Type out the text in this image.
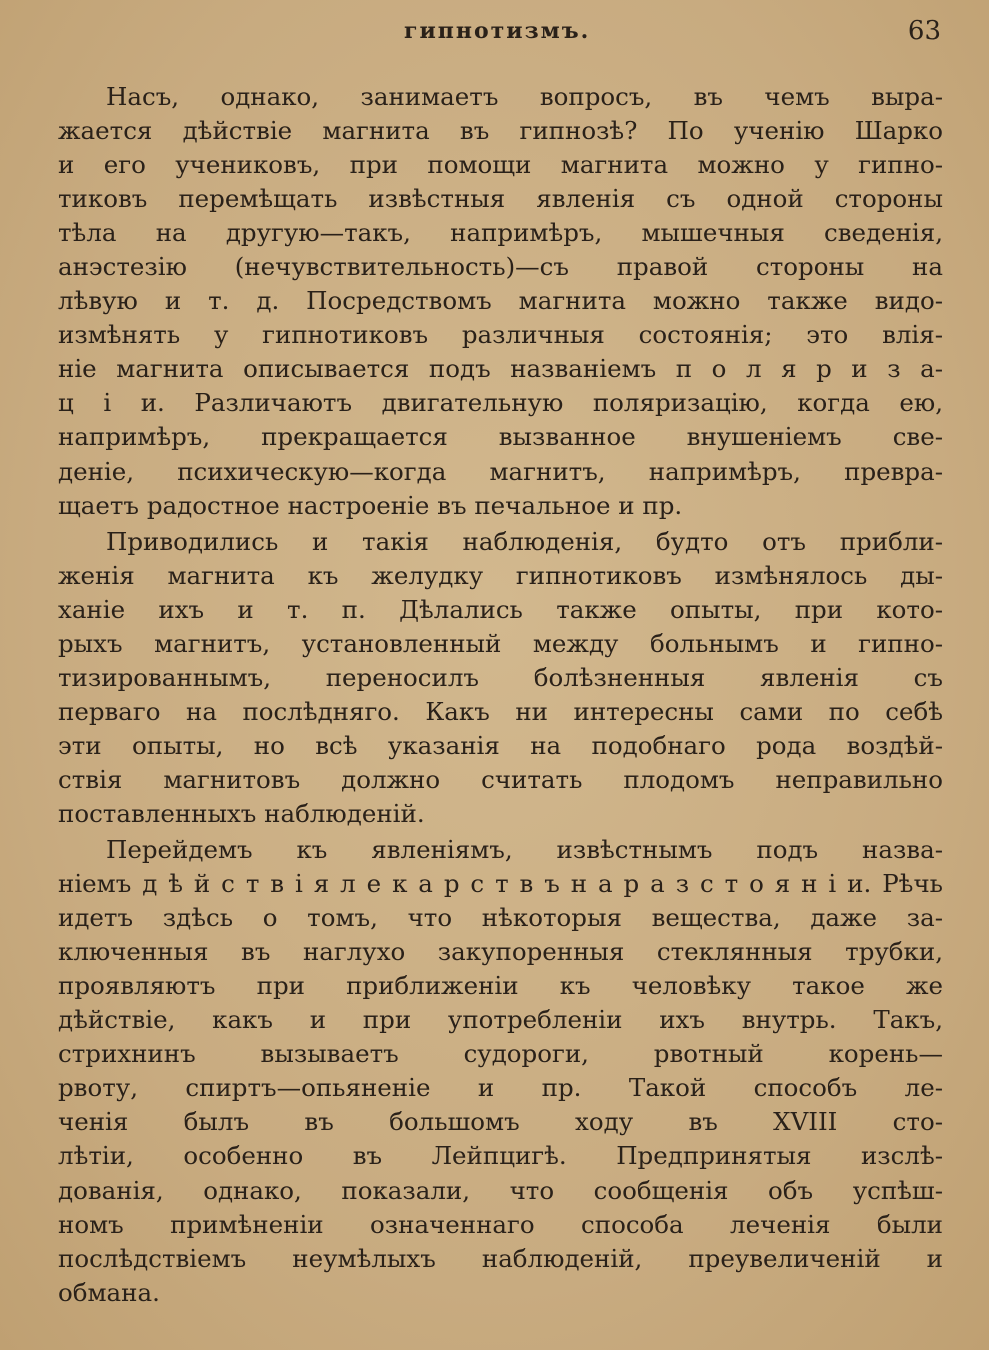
гипнотизмъ.	63
Насъ, однако, занимаетъ вопросъ, въ чемъ выра-
жается дѣйствіе магнита въ гипнозѣ? По ученію Шарко
и его учениковъ, при помощи магнита можно у гипно-
тиковъ перемѣщать извѣстныя явленія съ одной стороны
тѣла на другую—такъ, напримѣръ, мышечныя сведенія,
анэстезію (нечувствительность)—съ правой стороны на
лѣвую и т. д. Посредствомъ магнита можно также видо-
измѣнять у гипнотиковъ различныя состоянія; это влія-
ніе магнита описывается подъ названіемъ п о л я р и з а-
ц і и. Различаютъ двигательную поляризацію, когда ею,
напримѣръ, прекращается вызванное внушеніемъ све-
деніе, психическую—когда магнитъ, напримѣръ, превра-
щаетъ радостное настроеніе въ печальное и пр.
Приводились и такія наблюденія, будто отъ прибли-
женія магнита къ желудку гипнотиковъ измѣнялось ды-
ханіе ихъ и т. п. Дѣлались также опыты, при кото-
рыхъ магнитъ, установленный между больнымъ и гипно-
тизированнымъ, переносилъ болѣзненныя явленія съ
перваго на послѣдняго. Какъ ни интересны сами по себѣ
эти опыты, но всѣ указанія на подобнаго рода воздѣй-
ствія магнитовъ должно считать плодомъ неправильно
поставленныхъ наблюденій.
Перейдемъ къ явленіямъ, извѣстнымъ подъ назва-
ніемъ д ѣ й с т в і я л е к а р с т в ъ н а р а з с т о я н і и. Рѣчь
идетъ здѣсь о томъ, что нѣкоторыя вещества, даже за-
ключенныя въ наглухо закупоренныя стеклянныя трубки,
проявляютъ при приближеніи къ человѣку такое же
дѣйствіе, какъ и при употребленіи ихъ внутрь. Такъ,
стрихнинъ вызываетъ судороги, рвотный корень—
рвоту, спиртъ—опьяненіе и пр. Такой способъ ле-
ченія былъ въ большомъ ходу въ XVIII сто-
лѣтіи, особенно въ Лейпцигѣ. Предпринятыя изслѣ-
дованія, однако, показали, что сообщенія объ успѣш-
номъ примѣненіи означеннаго способа леченія были
послѣдствіемъ неумѣлыхъ наблюденій, преувеличеній и
обмана.
